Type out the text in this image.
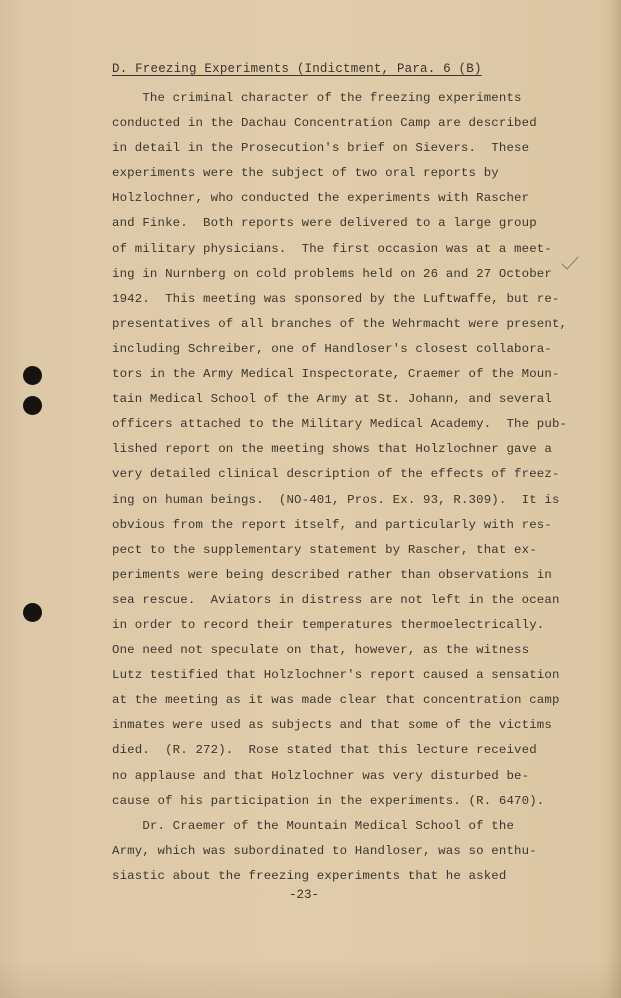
D. Freezing Experiments (Indictment, Para. 6 (B)
The criminal character of the freezing experiments
conducted in the Dachau Concentration Camp are described
in detail in the Prosecution's brief on Sievers.  These
experiments were the subject of two oral reports by
Holzlochner, who conducted the experiments with Rascher
and Finke.  Both reports were delivered to a large group
of military physicians.  The first occasion was at a meet-
ing in Nurnberg on cold problems held on 26 and 27 October
1942.  This meeting was sponsored by the Luftwaffe, but re-
presentatives of all branches of the Wehrmacht were present,
including Schreiber, one of Handloser's closest collabora-
tors in the Army Medical Inspectorate, Craemer of the Moun-
tain Medical School of the Army at St. Johann, and several
officers attached to the Military Medical Academy.  The pub-
lished report on the meeting shows that Holzlochner gave a
very detailed clinical description of the effects of freez-
ing on human beings.  (NO-401, Pros. Ex. 93, R.309).  It is
obvious from the report itself, and particularly with res-
pect to the supplementary statement by Rascher, that ex-
periments were being described rather than observations in
sea rescue.  Aviators in distress are not left in the ocean
in order to record their temperatures thermoelectrically.
One need not speculate on that, however, as the witness
Lutz testified that Holzlochner's report caused a sensation
at the meeting as it was made clear that concentration camp
inmates were used as subjects and that some of the victims
died.  (R. 272).  Rose stated that this lecture received
no applause and that Holzlochner was very disturbed be-
cause of his participation in the experiments. (R. 6470).
Dr. Craemer of the Mountain Medical School of the
Army, which was subordinated to Handloser, was so enthu-
siastic about the freezing experiments that he asked
-23-
